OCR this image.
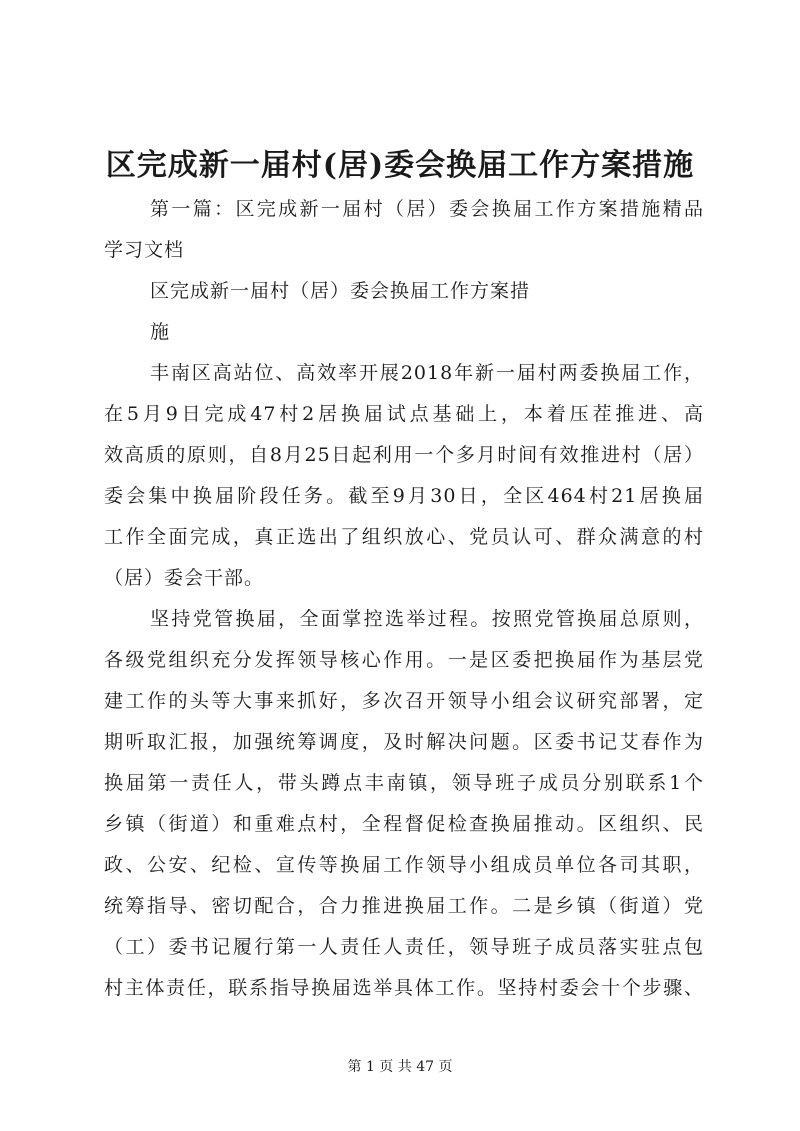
区完成新一届村(居)委会换届工作方案措施
第一篇：区完成新一届村（居）委会换届工作方案措施精品
学习文档
区完成新一届村（居）委会换届工作方案措
施
丰南区高站位、高效率开展2018年新一届村两委换届工作，
在5月9日完成47村2居换届试点基础上，本着压茬推进、高
效高质的原则，自8月25日起利用一个多月时间有效推进村（居）
委会集中换届阶段任务。截至9月30日，全区464村21居换届
工作全面完成，真正选出了组织放心、党员认可、群众满意的村
（居）委会干部。
坚持党管换届，全面掌控选举过程。按照党管换届总原则，
各级党组织充分发挥领导核心作用。一是区委把换届作为基层党
建工作的头等大事来抓好，多次召开领导小组会议研究部署，定
期听取汇报，加强统筹调度，及时解决问题。区委书记艾春作为
换届第一责任人，带头蹲点丰南镇，领导班子成员分别联系1个
乡镇（街道）和重难点村，全程督促检查换届推动。区组织、民
政、公安、纪检、宣传等换届工作领导小组成员单位各司其职，
统筹指导、密切配合，合力推进换届工作。二是乡镇（街道）党
（工）委书记履行第一人责任人责任，领导班子成员落实驻点包
村主体责任，联系指导换届选举具体工作。坚持村委会十个步骤、
第 1 页 共 47 页
